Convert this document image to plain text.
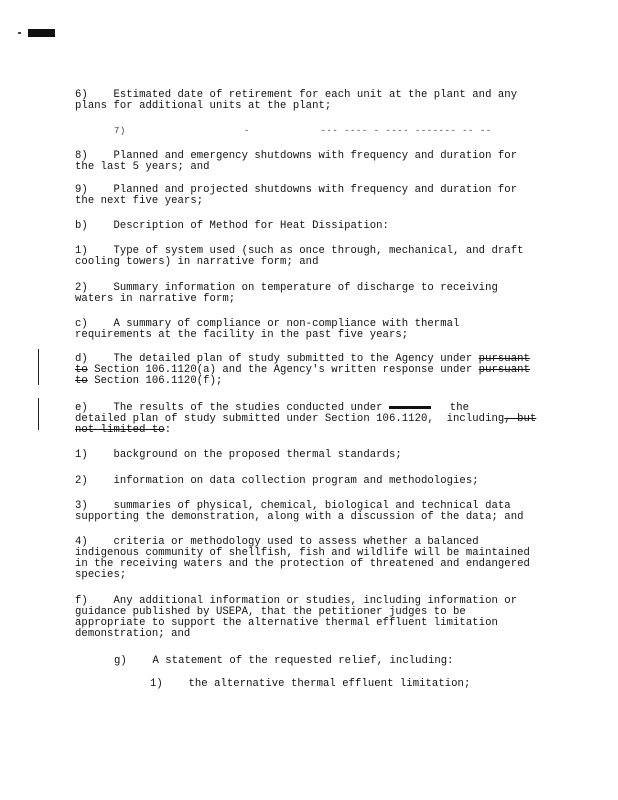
6)    Estimated date of retirement for each unit at the plant and any
plans for additional units at the plant;
7)                    -            --- ---- - ---- ------- -- --
8)    Planned and emergency shutdowns with frequency and duration for
the last 5 years; and
9)    Planned and projected shutdowns with frequency and duration for
the next five years;
b)    Description of Method for Heat Dissipation:
1)    Type of system used (such as once through, mechanical, and draft
cooling towers) in narrative form; and
2)    Summary information on temperature of discharge to receiving
waters in narrative form;
c)    A summary of compliance or non-compliance with thermal
requirements at the facility in the past five years;
d)    The detailed plan of study submitted to the Agency under pursuant
to Section 106.1120(a) and the Agency's written response under pursuant
to Section 106.1120(f);
e)    The results of the studies conducted under	the
detailed plan of study submitted under Section 106.1120,  including, but
not limited to:
1)    background on the proposed thermal standards;
2)    information on data collection program and methodologies;
3)    summaries of physical, chemical, biological and technical data
supporting the demonstration, along with a discussion of the data; and
4)    criteria or methodology used to assess whether a balanced
indigenous community of shellfish, fish and wildlife will be maintained
in the receiving waters and the protection of threatened and endangered
species;
f)    Any additional information or studies, including information or
guidance published by USEPA, that the petitioner judges to be
appropriate to support the alternative thermal effluent limitation
demonstration; and
g)    A statement of the requested relief, including:
1)    the alternative thermal effluent limitation;
